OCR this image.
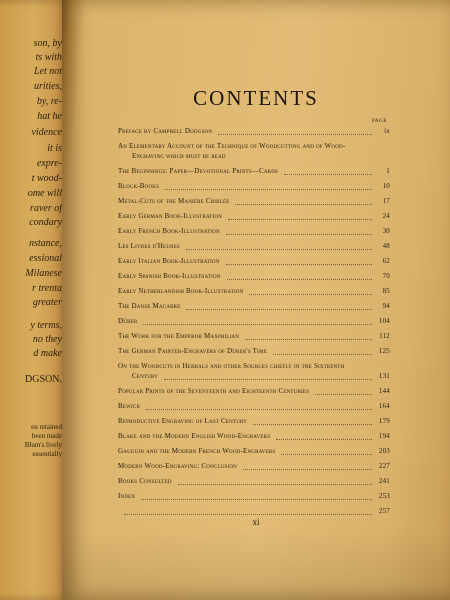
son, by
ts with
Let not
urities,
by, re-
hat he
vidence
it is
expre-
t wood-
ome will
raver of
condary
nstance,
essional
Milanese
r trenta
greater
y terms,
no they
d make
DGSON.
en retained
been made
Blum's lively
essentially
CONTENTS
PAGE
Preface by Campbell Dodgson	ix
An Elementary Account of the Technique of Woodcutting and of Wood-
Engraving which must be read
The Beginnings: Paper—Devotional Prints—Cards	1
Block-Books	10
Metal-Cuts of the Manière Criblée	17
Early German Book-Illustration	24
Early French Book-Illustration	30
Les Livres d'Heures	48
Early Italian Book-Illustration	62
Early Spanish Book-Illustration	70
Early Netherlandish Book-Illustration	85
The Danse Macabre	94
Dürer	104
The Work for the Emperor Maximilian	112
The German Painter-Engravers of Dürer's Time	125
On the Woodcuts in Herbals and other Sources chiefly in the Sixteenth
Century	131
Popular Prints of the Seventeenth and Eighteenth Centuries	144
Bewick	164
Reproductive Engraving of Last Century	179
Blake and the Modern English Wood-Engravers	194
Gauguin and the Modern French Wood-Engravers	203
Modern Wood-Engraving: Conclusion	227
Books Consulted	241
Index	253
257
xi
